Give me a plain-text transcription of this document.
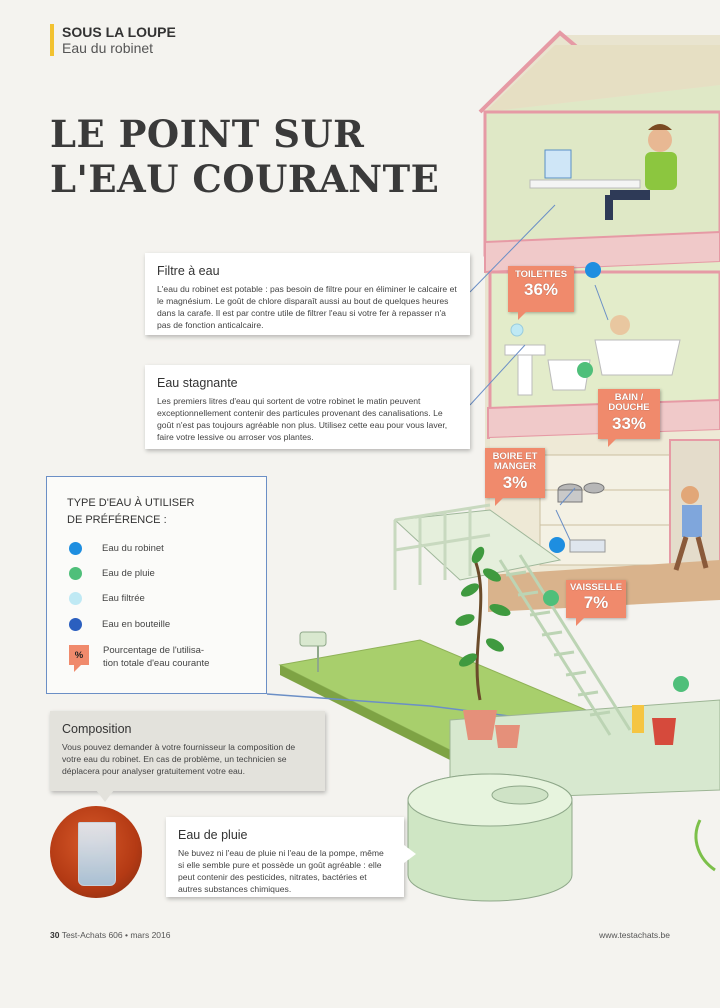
SOUS LA LOUPE
Eau du robinet
LE POINT SUR L'EAU COURANTE
Filtre à eau
L'eau du robinet est potable : pas besoin de filtre pour en éliminer le calcaire et le magnésium. Le goût de chlore disparaît aussi au bout de quelques heures dans la carafe. Il est par contre utile de filtrer l'eau si votre fer à repasser n'a pas de fonction anticalcaire.
Eau stagnante
Les premiers litres d'eau qui sortent de votre robinet le matin peuvent exceptionnellement contenir des particules provenant des canalisations. Le goût n'est pas toujours agréable non plus. Utilisez cette eau pour vous laver, faire votre lessive ou arroser vos plantes.
Composition
Vous pouvez demander à votre fournisseur la composition de votre eau du robinet. En cas de problème, un technicien se déplacera pour analyser gratuitement votre eau.
Eau de pluie
Ne buvez ni l'eau de pluie ni l'eau de la pompe, même si elle semble pure et possède un goût agréable : elle peut contenir des pesticides, nitrates, bactéries et autres substances chimiques.
TYPE D'EAU À UTILISER
DE PRÉFÉRENCE :
Eau du robinet
Eau de pluie
Eau filtrée
Eau en bouteille
%	Pourcentage de l'utilisa-
tion totale d'eau courante
TOILETTES
36%
BAIN /
DOUCHE
33%
BOIRE ET
MANGER
3%
VAISSELLE
7%
30 Test-Achats 606 • mars 2016	www.testachats.be
